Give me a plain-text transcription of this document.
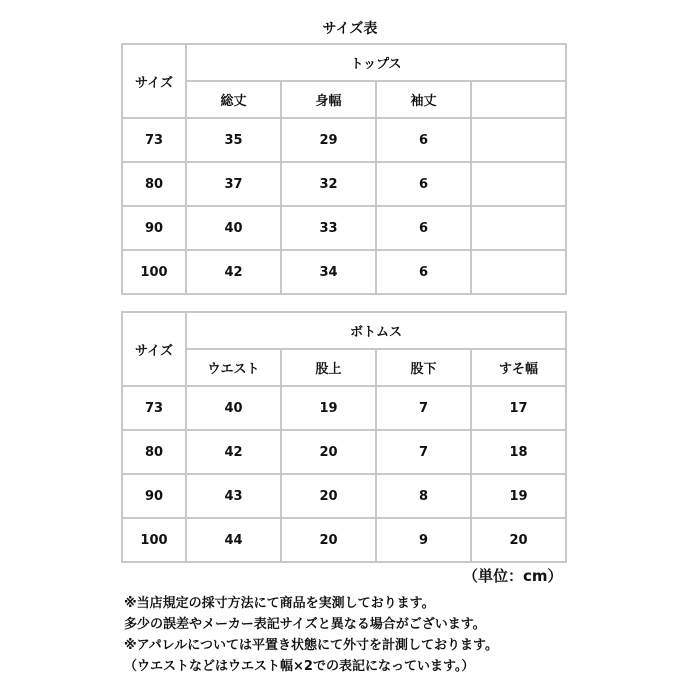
サイズ表
サイズ	トップス			
	総丈	身幅	袖丈	
73	35	29	6	
80	37	32	6	
90	40	33	6	
100	42	34	6	
サイズ	ボトムス			
	ウエスト	股上	股下	すそ幅
73	40	19	7	17
80	42	20	7	18
90	43	20	8	19
100	44	20	9	20
（単位：cm）
※当店規定の採寸方法にて商品を実測しております。
多少の誤差やメーカー表記サイズと異なる場合がございます。
※アパレルについては平置き状態にて外寸を計測しております。
（ウエストなどはウエスト幅×2での表記になっています。）
